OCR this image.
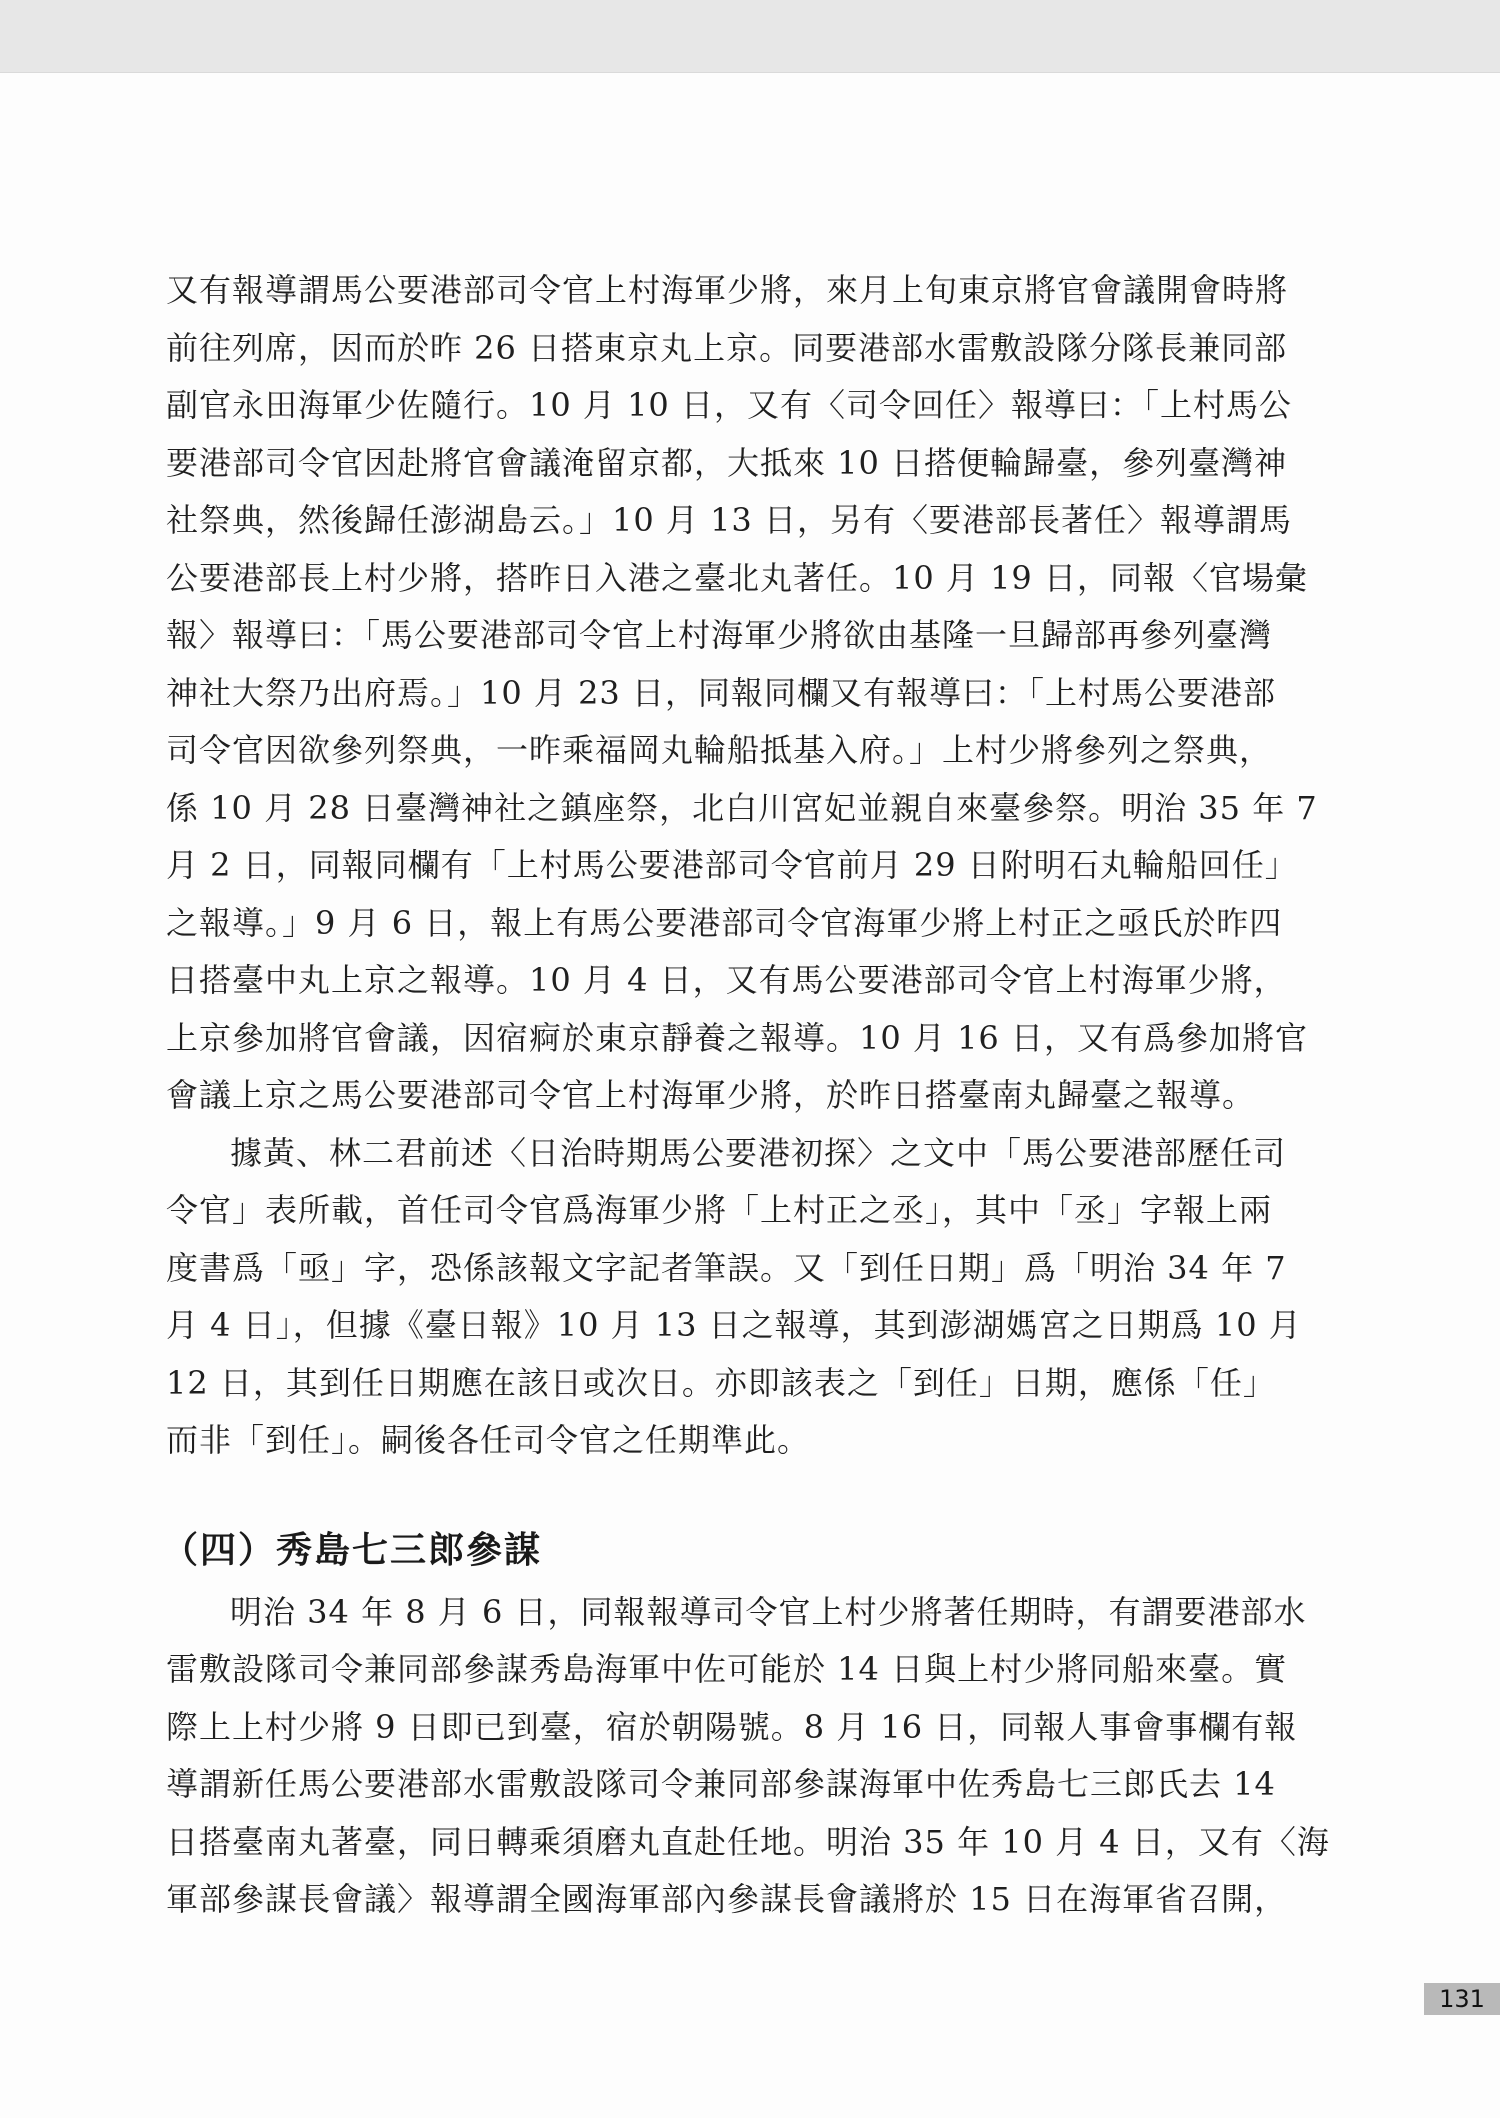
又有報導謂馬公要港部司令官上村海軍少將，來月上旬東京將官會議開會時將
前往列席，因而於昨 26 日搭東京丸上京。同要港部水雷敷設隊分隊長兼同部
副官永田海軍少佐隨行。10 月 10 日，又有〈司令回任〉報導曰：「上村馬公
要港部司令官因赴將官會議淹留京都，大抵來 10 日搭便輪歸臺，參列臺灣神
社祭典，然後歸任澎湖島云。」10 月 13 日，另有〈要港部長著任〉報導謂馬
公要港部長上村少將，搭昨日入港之臺北丸著任。10 月 19 日，同報〈官場彙
報〉報導曰：「馬公要港部司令官上村海軍少將欲由基隆一旦歸部再參列臺灣
神社大祭乃出府焉。」10 月 23 日，同報同欄又有報導曰：「上村馬公要港部
司令官因欲參列祭典，一昨乘福岡丸輪船抵基入府。」上村少將參列之祭典，
係 10 月 28 日臺灣神社之鎮座祭，北白川宮妃並親自來臺參祭。明治 35 年 7
月 2 日，同報同欄有「上村馬公要港部司令官前月 29 日附明石丸輪船回任」
之報導。」9 月 6 日，報上有馬公要港部司令官海軍少將上村正之亟氏於昨四
日搭臺中丸上京之報導。10 月 4 日，又有馬公要港部司令官上村海軍少將，
上京參加將官會議，因宿痾於東京靜養之報導。10 月 16 日，又有爲參加將官
會議上京之馬公要港部司令官上村海軍少將，於昨日搭臺南丸歸臺之報導。

據黃、林二君前述〈日治時期馬公要港初探〉之文中「馬公要港部歷任司
令官」表所載，首任司令官爲海軍少將「上村正之丞」，其中「丞」字報上兩
度書爲「亟」字，恐係該報文字記者筆誤。又「到任日期」爲「明治 34 年 7
月 4 日」，但據《臺日報》10 月 13 日之報導，其到澎湖媽宮之日期爲 10 月
12 日，其到任日期應在該日或次日。亦即該表之「到任」日期，應係「任」
而非「到任」。嗣後各任司令官之任期準此。

（四）秀島七三郎參謀

明治 34 年 8 月 6 日，同報報導司令官上村少將著任期時，有謂要港部水
雷敷設隊司令兼同部參謀秀島海軍中佐可能於 14 日與上村少將同船來臺。實
際上上村少將 9 日即已到臺，宿於朝陽號。8 月 16 日，同報人事會事欄有報
導謂新任馬公要港部水雷敷設隊司令兼同部參謀海軍中佐秀島七三郎氏去 14
日搭臺南丸著臺，同日轉乘須磨丸直赴任地。明治 35 年 10 月 4 日，又有〈海
軍部參謀長會議〉報導謂全國海軍部內參謀長會議將於 15 日在海軍省召開，

131
